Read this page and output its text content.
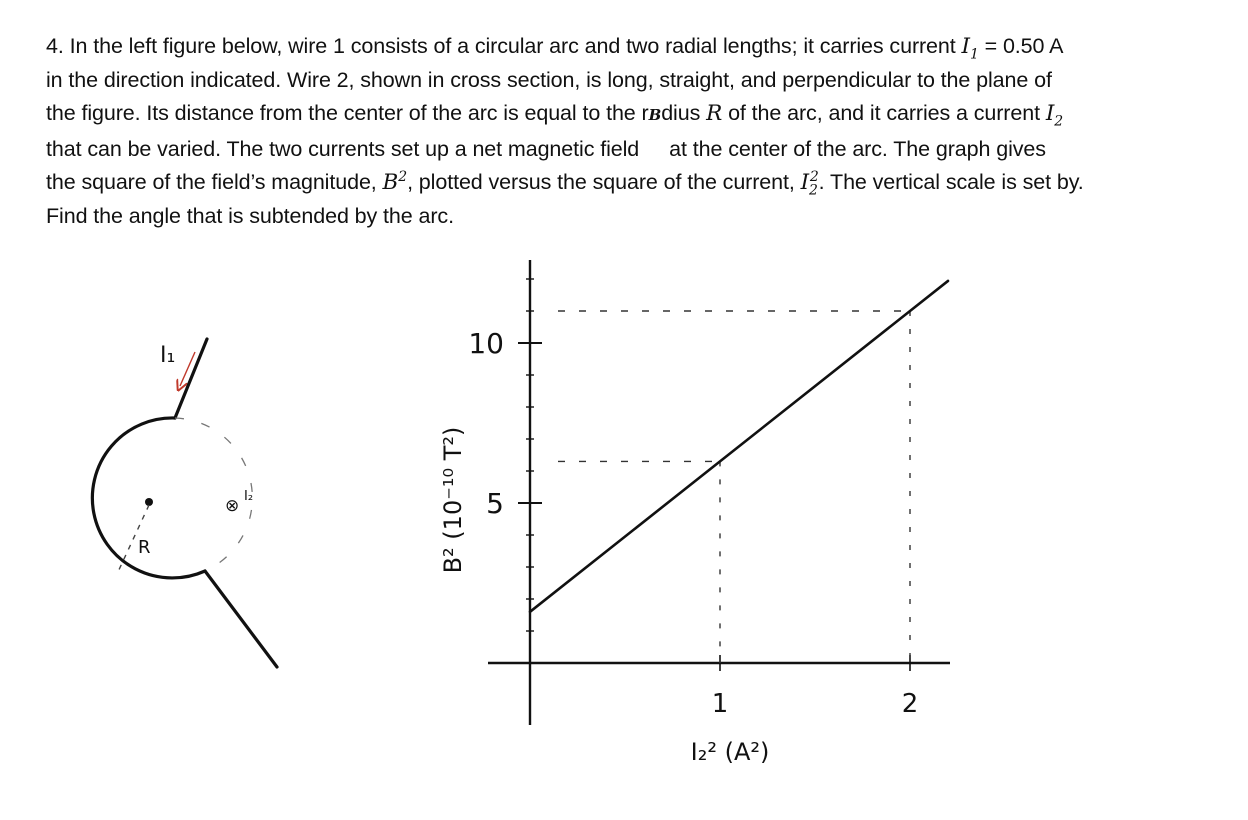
4. In the left figure below, wire 1 consists of a circular arc and two radial lengths; it carries current $I_1 = 0.50$ A
in the direction indicated. Wire 2, shown in cross section, is long, straight, and perpendicular to the plane of
the figure. Its distance from the center of the arc is equal to the rBdius R of the arc, and it carries a current $I_2$
that can be varied. The two currents set up a net magnetic field at the center of the arc. The graph gives
the square of the field’s magnitude, $B^2$, plotted versus the square of the current, $I_2^2$. The vertical scale is set by.
Find the angle that is subtended by the arc.
R
I₁
⊗ I₂	5
10
1	2
B² (10⁻¹⁰ T²)
I₂² (A²)
